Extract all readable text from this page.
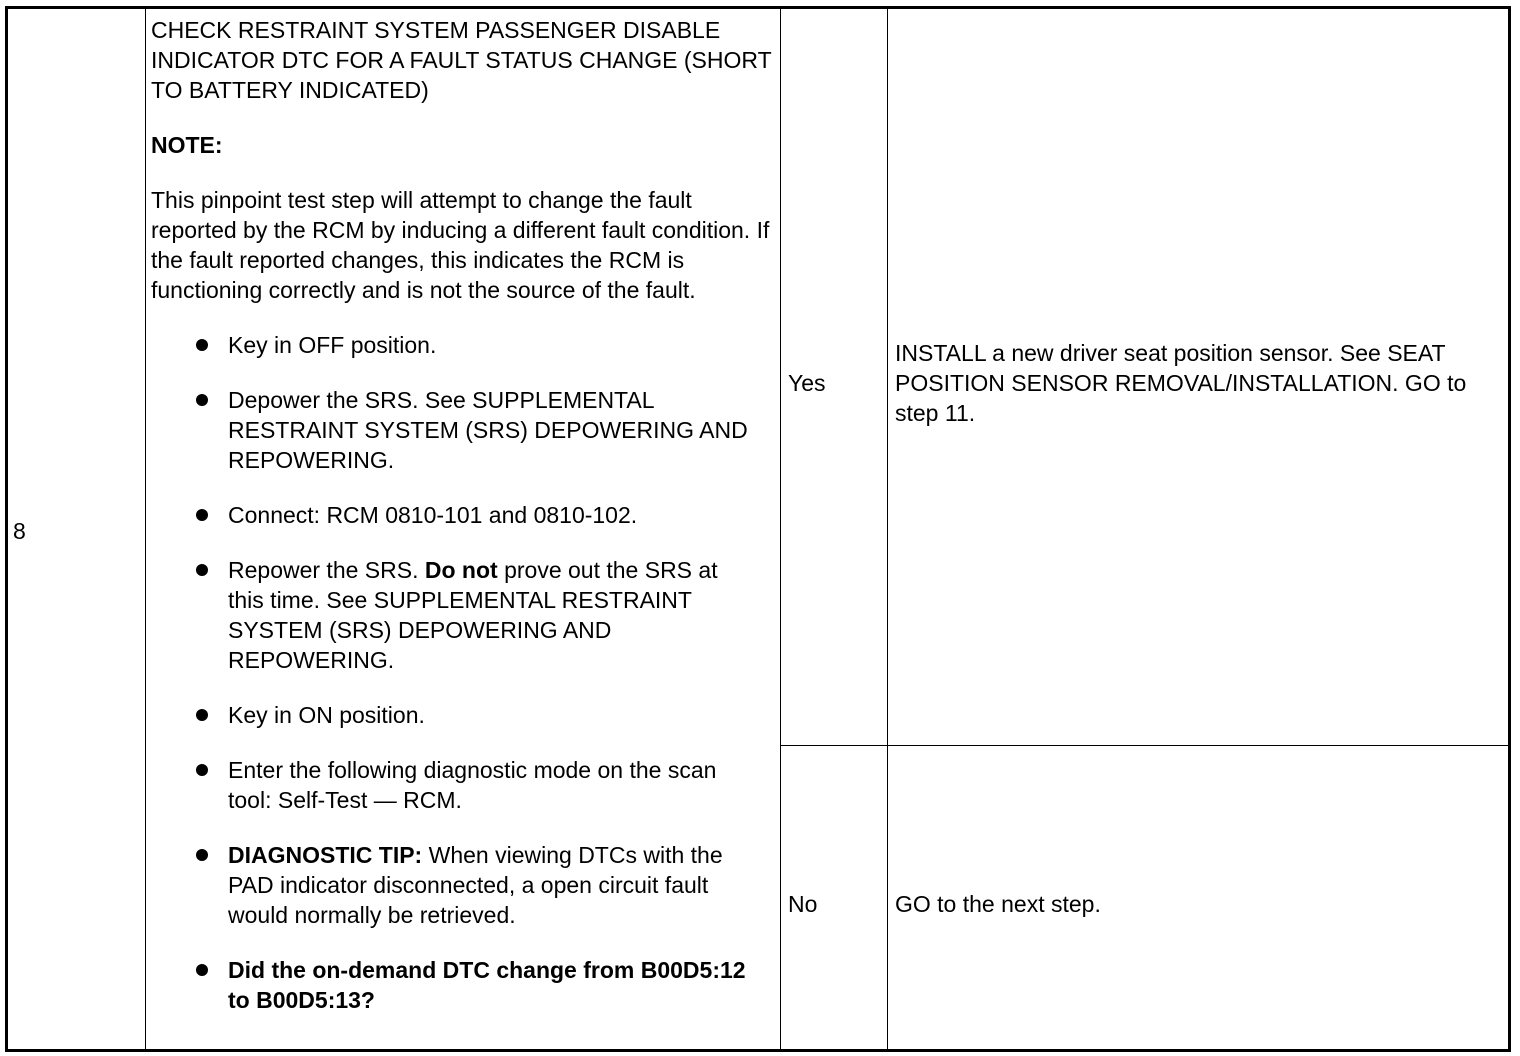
8

CHECK RESTRAINT SYSTEM PASSENGER DISABLE INDICATOR DTC FOR A FAULT STATUS CHANGE (SHORT TO BATTERY INDICATED)

NOTE:

This pinpoint test step will attempt to change the fault reported by the RCM by inducing a different fault condition. If the fault reported changes, this indicates the RCM is functioning correctly and is not the source of the fault.

Key in OFF position.
Depower the SRS. See SUPPLEMENTAL RESTRAINT SYSTEM (SRS) DEPOWERING AND REPOWERING.
Connect: RCM 0810-101 and 0810-102.
Repower the SRS. Do not prove out the SRS at this time. See SUPPLEMENTAL RESTRAINT SYSTEM (SRS) DEPOWERING AND REPOWERING.
Key in ON position.
Enter the following diagnostic mode on the scan tool: Self-Test — RCM.
DIAGNOSTIC TIP: When viewing DTCs with the PAD indicator disconnected, a open circuit fault would normally be retrieved.
Did the on-demand DTC change from B00D5:12 to B00D5:13?
Yes
INSTALL a new driver seat position sensor. See SEAT POSITION SENSOR REMOVAL/INSTALLATION. GO to step 11.
No	GO to the next step.
